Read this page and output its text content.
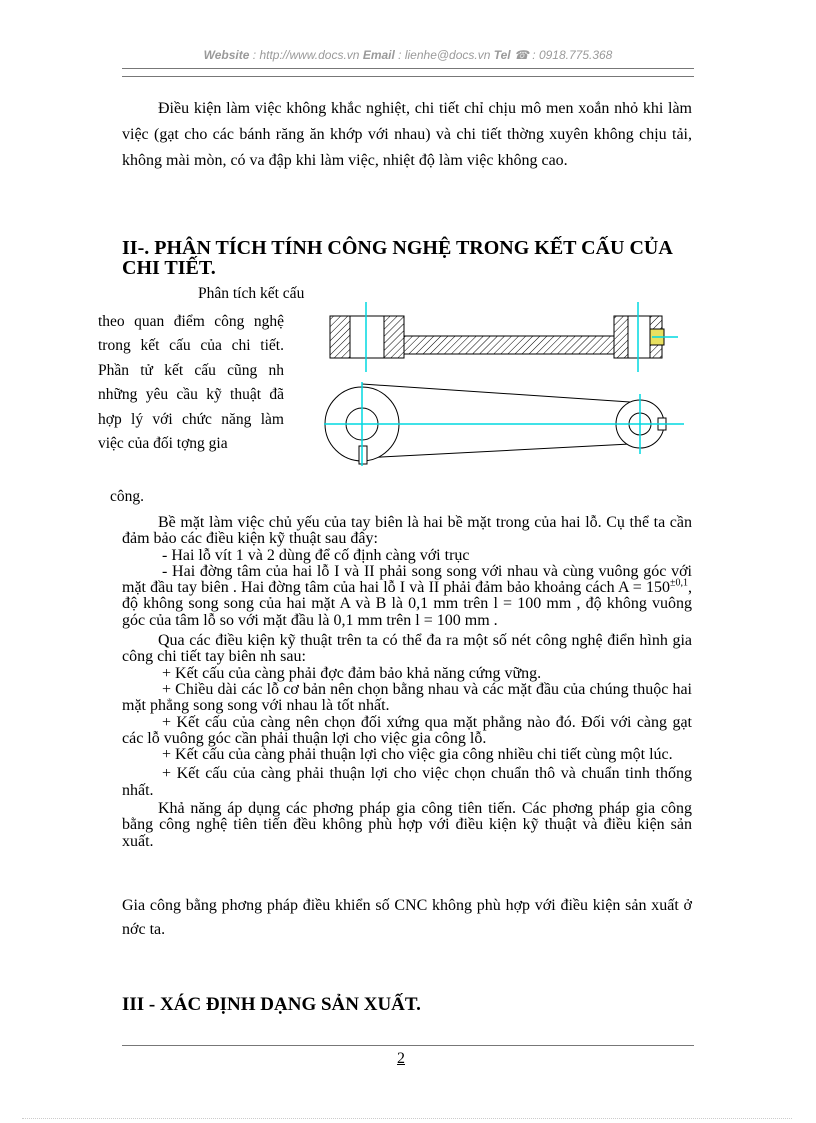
Website : http://www.docs.vn Email : lienhe@docs.vn Tel ☎ : 0918.775.368
Điều kiện làm việc không khắc nghiệt, chi tiết chỉ chịu mô men xoắn nhỏ khi làm việc (gạt cho các bánh răng ăn khớp với nhau) và chi tiết thờng xuyên không chịu tải, không mài mòn, có va đập khi làm việc, nhiệt độ làm việc không cao.
II-. PHÂN TÍCH TÍNH CÔNG NGHỆ TRONG KẾT CẤU CỦA CHI TIẾT.
Phân tích kết cấu
theo quan điểm công nghệ trong kết cấu của chi tiết. Phần tử kết cấu cũng nh những yêu cầu kỹ thuật đã hợp lý với chức năng làm việc của đối tợng gia
công.

Bề mặt làm việc chủ yếu của tay biên là hai bề mặt trong của hai lỗ. Cụ thể ta cần đảm bảo các điều kiện kỹ thuật sau đây:

- Hai lỗ vít 1 và 2 dùng để cố định càng với trục

- Hai đờng tâm của hai lỗ I và II phải song song với nhau và cùng vuông góc với mặt đầu tay biên . Hai đờng tâm của hai lỗ I và II phải đảm bảo khoảng cách $A = 150^{\pm 0,1}$, độ không song song của hai mặt A và B là 0,1 mm trên l = 100 mm , độ không vuông góc của tâm lỗ so với mặt đầu là 0,1 mm trên l = 100 mm .

Qua các điều kiện kỹ thuật trên ta có thể đa ra một số nét công nghệ điển hình gia công chi tiết tay biên nh sau:

+ Kết cấu của càng phải đợc đảm bảo khả năng cứng vững.

+ Chiều dài các lỗ cơ bản nên chọn bằng nhau và các mặt đầu của chúng thuộc hai mặt phẳng song song với nhau là tốt nhất.

+ Kết cấu của càng nên chọn đối xứng qua mặt phẳng nào đó. Đối với càng gạt các lỗ vuông góc cần phải thuận lợi cho việc gia công lỗ.

+ Kết cấu của càng phải thuận lợi cho việc gia công nhiều chi tiết cùng một lúc.

+ Kết cấu của càng phải thuận lợi cho việc chọn chuẩn thô và chuẩn tinh thống nhất.

Khả năng áp dụng các phơng pháp gia công tiên tiến. Các phơng pháp gia công bằng công nghệ tiên tiến đều không phù hợp với điều kiện kỹ thuật và điều kiện sản xuất.

Gia công bằng phơng pháp điều khiển số CNC không phù hợp với điều kiện sản xuất ở nớc ta.
III - XÁC ĐỊNH DẠNG SẢN XUẤT.
2
